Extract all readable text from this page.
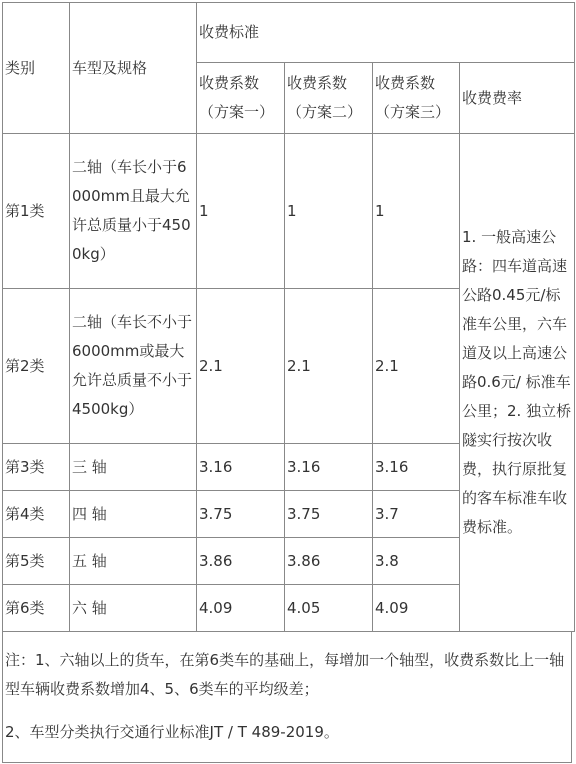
类别	车型及规格	收费标准			
		收费系数（方案一）	收费系数（方案二）	收费系数（方案三）	收费费率
第1类	二轴（车长小于6000mm且最大允许总质量小于4500kg）	1	1	1	1. 一般高速公路：四车道高速公路0.45元/标准车公里，六车道及以上高速公路0.6元/ 标准车公里；2. 独立桥隧实行按次收费，执行原批复的客车标准车收费标准。
第2类	二轴（车长不小于6000mm或最大允许总质量不小于4500kg）	2.1	2.1	2.1	
第3类	三 轴	3.16	3.16	3.16	
第4类	四 轴	3.75	3.75	3.7	
第5类	五 轴	3.86	3.86	3.8	
第6类	六 轴	4.09	4.05	4.09	
注：1、六轴以上的货车，在第6类车的基础上，每增加一个轴型，收费系数比上一轴型车辆收费系数增加4、5、6类车的平均级差；
2、车型分类执行交通行业标准JT / T 489-2019。
